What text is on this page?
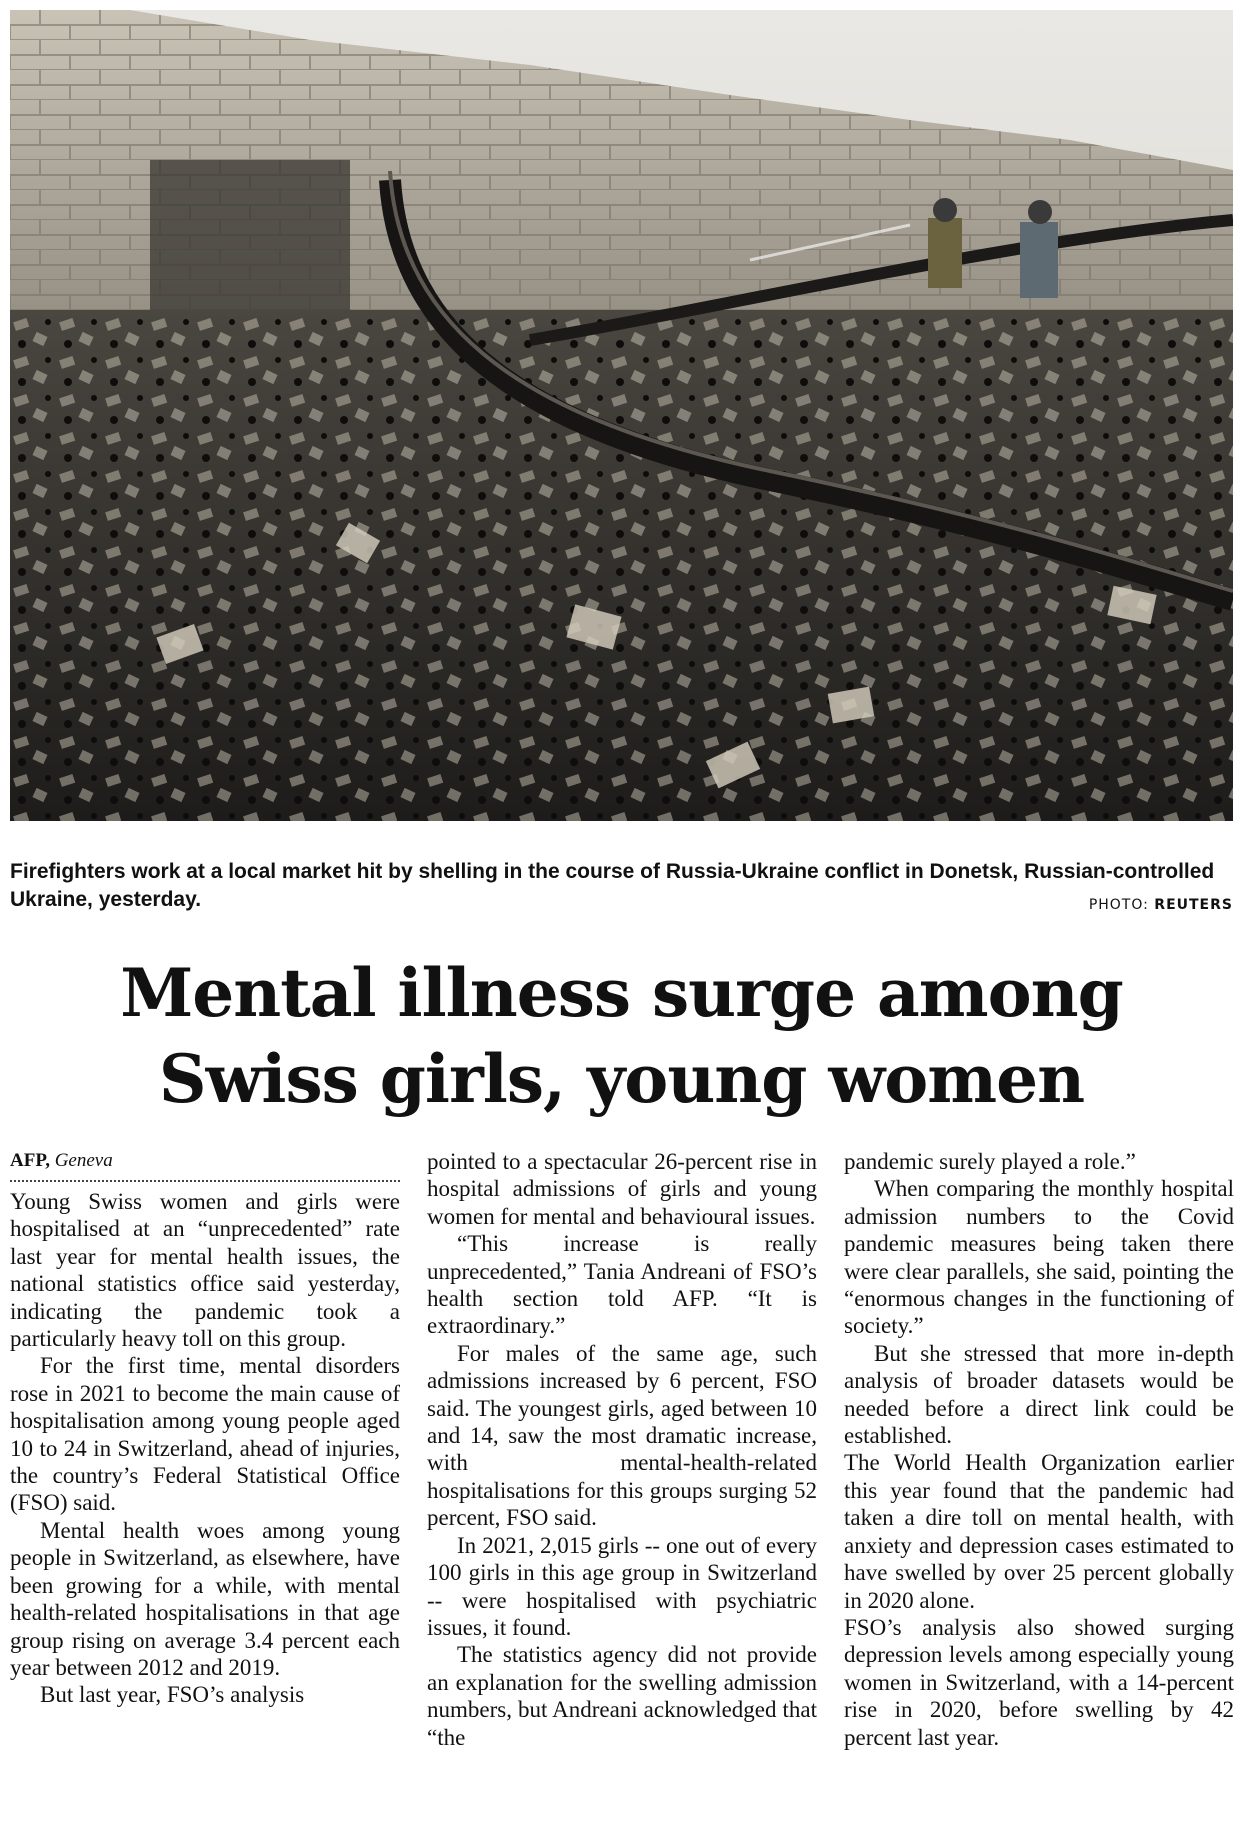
Firefighters work at a local market hit by shelling in the course of Russia-Ukraine conflict in Donetsk, Russian-controlled Ukraine, yesterday.	PHOTO: REUTERS
Mental illness surge among
Swiss girls, young women
AFP, Geneva

Young Swiss women and girls were hospitalised at an “unprecedented” rate last year for mental health issues, the national statistics office said yesterday, indicating the pandemic took a particularly heavy toll on this group.

For the first time, mental disorders rose in 2021 to become the main cause of hospitalisation among young people aged 10 to 24 in Switzerland, ahead of injuries, the country’s Federal Statistical Office (FSO) said.

Mental health woes among young people in Switzerland, as elsewhere, have been growing for a while, with mental health-related hospitalisations in that age group rising on average 3.4 percent each year between 2012 and 2019.

But last year, FSO’s analysis

pointed to a spectacular 26-percent rise in hospital admissions of girls and young women for mental and behavioural issues.

“This increase is really unprecedented,” Tania Andreani of FSO’s health section told AFP. “It is extraordinary.”

For males of the same age, such admissions increased by 6 percent, FSO said. The youngest girls, aged between 10 and 14, saw the most dramatic increase, with mental-health-related hospitalisations for this groups surging 52 percent, FSO said.

In 2021, 2,015 girls -- one out of every 100 girls in this age group in Switzerland -- were hospitalised with psychiatric issues, it found.

The statistics agency did not provide an explanation for the swelling admission numbers, but Andreani acknowledged that “the

pandemic surely played a role.”

When comparing the monthly hospital admission numbers to the Covid pandemic measures being taken there were clear parallels, she said, pointing the “enormous changes in the functioning of society.”

But she stressed that more in-depth analysis of broader datasets would be needed before a direct link could be established.

The World Health Organization earlier this year found that the pandemic had taken a dire toll on mental health, with anxiety and depression cases estimated to have swelled by over 25 percent globally in 2020 alone.

FSO’s analysis also showed surging depression levels among especially young women in Switzerland, with a 14-percent rise in 2020, before swelling by 42 percent last year.
